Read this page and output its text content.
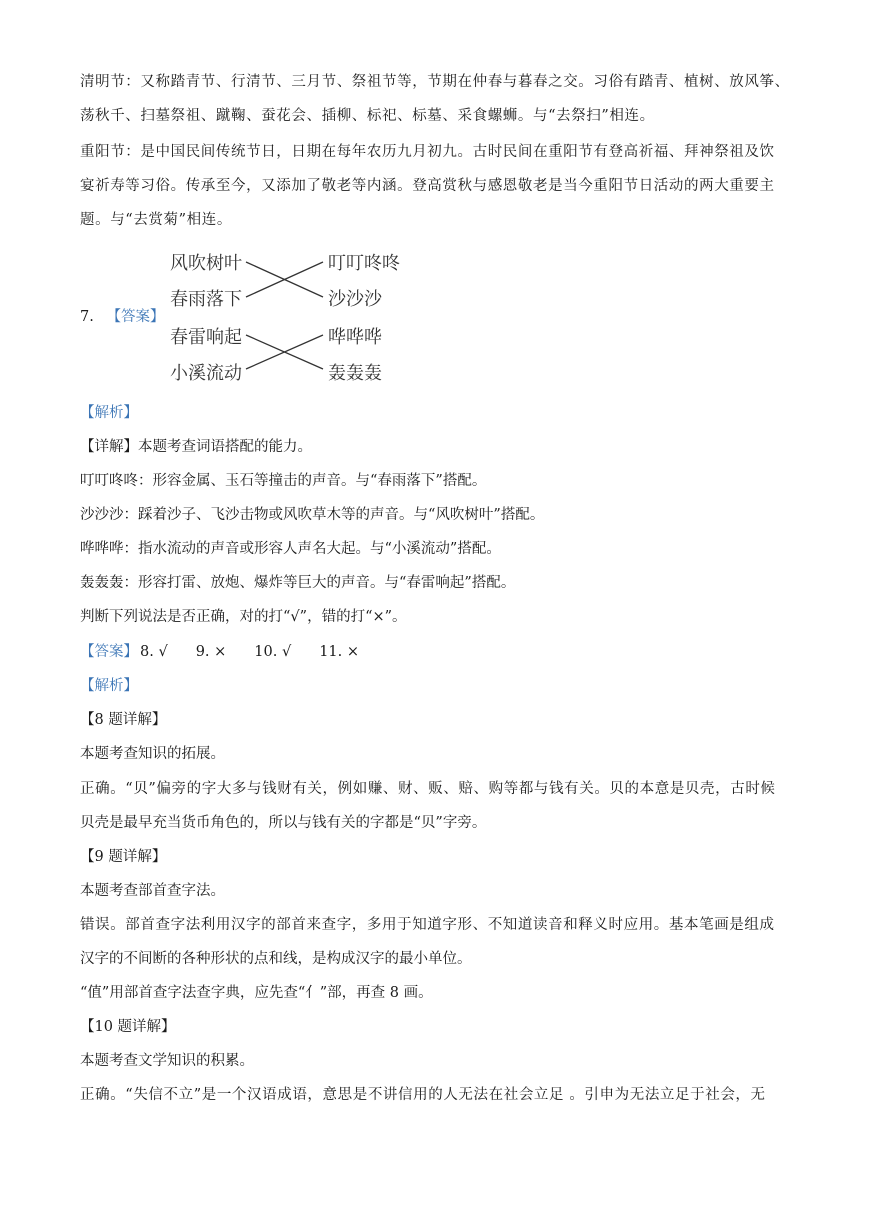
清明节：又称踏青节、行清节、三月节、祭祖节等，节期在仲春与暮春之交。习俗有踏青、植树、放风筝、
荡秋千、扫墓祭祖、蹴鞠、蚕花会、插柳、标祀、标墓、采食螺蛳。与“去祭扫”相连。
重阳节：是中国民间传统节日，日期在每年农历九月初九。古时民间在重阳节有登高祈福、拜神祭祖及饮
宴祈寿等习俗。传承至今，又添加了敬老等内涵。登高赏秋与感恩敬老是当今重阳节日活动的两大重要主
题。与“去赏菊”相连。
7. 【答案】
风吹树叶
春雨落下
春雷响起
小溪流动
叮叮咚咚
沙沙沙
哗哗哗
轰轰轰
【解析】
【详解】本题考查词语搭配的能力。
叮叮咚咚：形容金属、玉石等撞击的声音。与“春雨落下”搭配。
沙沙沙：踩着沙子、飞沙击物或风吹草木等的声音。与“风吹树叶”搭配。
哗哗哗：指水流动的声音或形容人声名大起。与“小溪流动”搭配。
轰轰轰：形容打雷、放炮、爆炸等巨大的声音。与“春雷响起”搭配。
判断下列说法是否正确，对的打“√”，错的打“×”。
【答案】 8. √ 9. × 10. √ 11. ×
【解析】
【8 题详解】
本题考查知识的拓展。
正确。“贝”偏旁的字大多与钱财有关，例如赚、财、贩、赔、购等都与钱有关。贝的本意是贝壳，古时候
贝壳是最早充当货币角色的，所以与钱有关的字都是“贝”字旁。
【9 题详解】
本题考查部首查字法。
错误。部首查字法利用汉字的部首来查字，多用于知道字形、不知道读音和释义时应用。基本笔画是组成
汉字的不间断的各种形状的点和线，是构成汉字的最小单位。
“值”用部首查字法查字典，应先查“亻”部，再查 8 画。
【10 题详解】
本题考查文学知识的积累。
正确。“失信不立”是一个汉语成语，意思是不讲信用的人无法在社会立足 。引申为无法立足于社会，无
